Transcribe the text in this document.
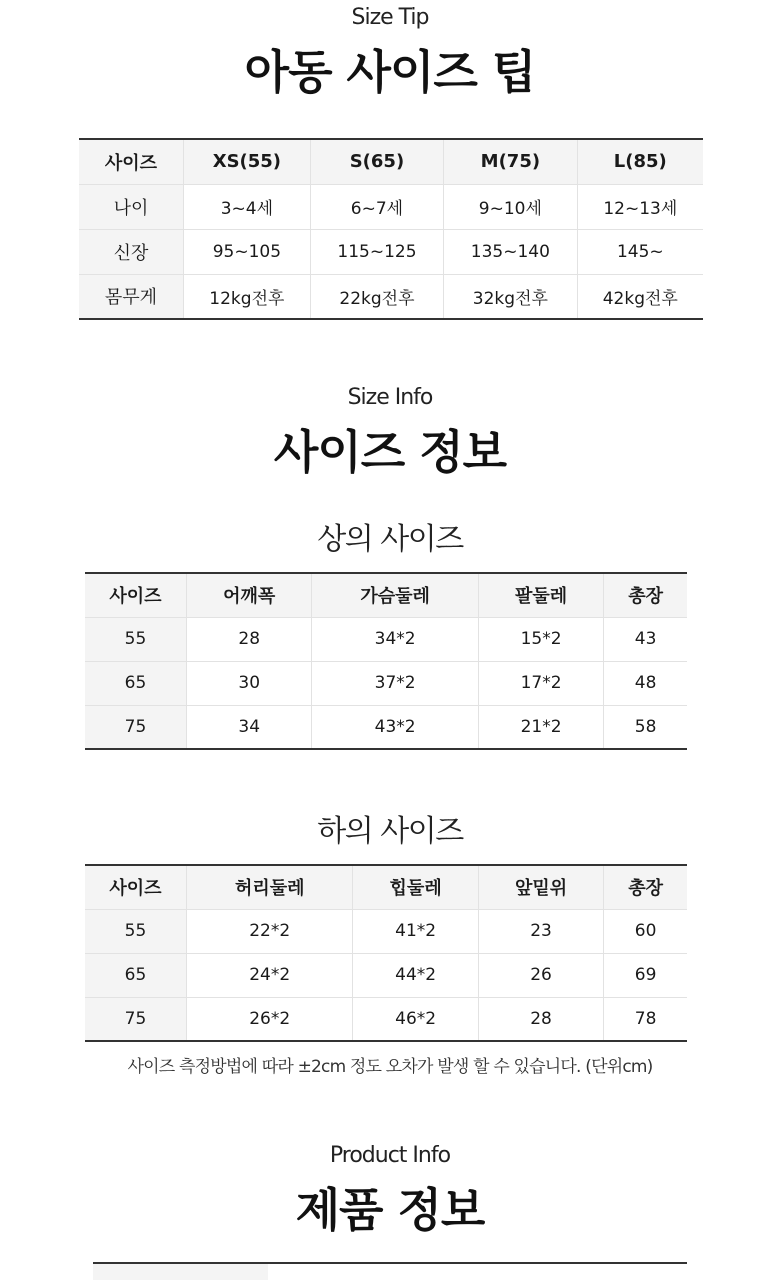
Size Tip
아동 사이즈 팁
사이즈	XS(55)	S(65)	M(75)	L(85)
나이	3~4세	6~7세	9~10세	12~13세
신장	95~105	115~125	135~140	145~
몸무게	12kg전후	22kg전후	32kg전후	42kg전후
Size Info
사이즈 정보
상의 사이즈
사이즈	어깨폭	가슴둘레	팔둘레	총장
55	28	34*2	15*2	43
65	30	37*2	17*2	48
75	34	43*2	21*2	58
하의 사이즈
사이즈	허리둘레	힙둘레	앞밑위	총장
55	22*2	41*2	23	60
65	24*2	44*2	26	69
75	26*2	46*2	28	78
사이즈 측정방법에 따라 ±2cm 정도 오차가 발생 할 수 있습니다. (단위cm)
Product Info
제품 정보
